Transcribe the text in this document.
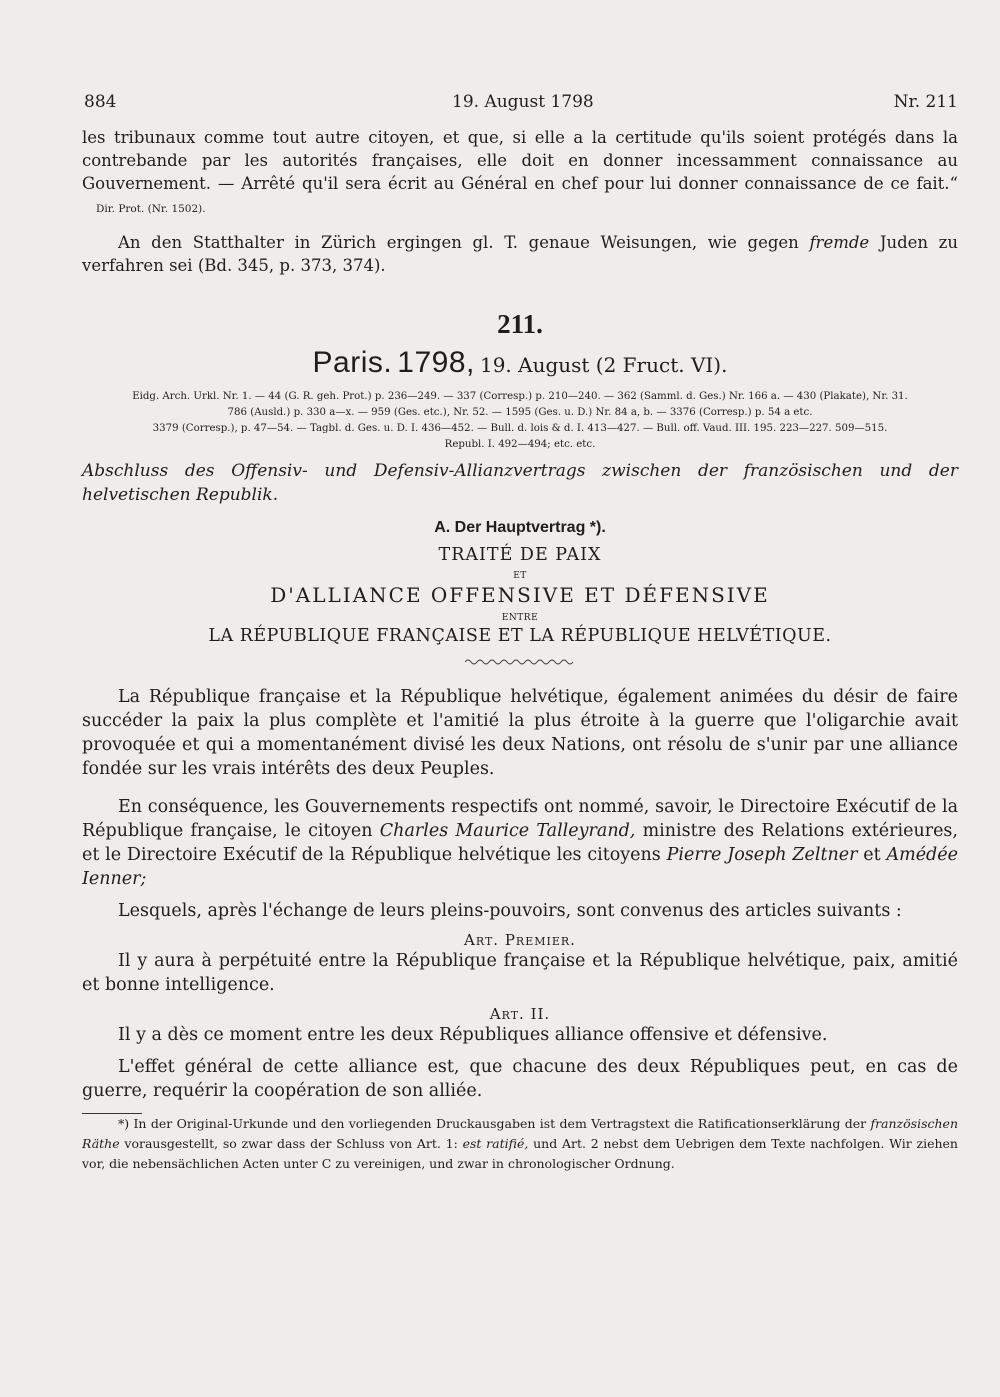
884	19. August 1798	Nr. 211

les tribunaux comme tout autre citoyen, et que, si elle a la certitude qu'ils soient protégés dans la contrebande par les autorités françaises, elle doit en donner incessamment connaissance au Gouvernement. — Arrêté qu'il sera écrit au Général en chef pour lui donner connaissance de ce fait.“ Dir. Prot. (Nr. 1502).

An den Statthalter in Zürich ergingen gl. T. genaue Weisungen, wie gegen fremde Juden zu verfahren sei (Bd. 345, p. 373, 374).

211.
Paris. 1798, 19. August (2 Fruct. VI).

Eidg. Arch. Urkl. Nr. 1. — 44 (G. R. geh. Prot.) p. 236—249. — 337 (Corresp.) p. 210—240. — 362 (Samml. d. Ges.) Nr. 166 a. — 430 (Plakate), Nr. 31.

786 (Ausld.) p. 330 a—x. — 959 (Ges. etc.), Nr. 52. — 1595 (Ges. u. D.) Nr. 84 a, b. — 3376 (Corresp.) p. 54 a etc.

3379 (Corresp.), p. 47—54. — Tagbl. d. Ges. u. D. I. 436—452. — Bull. d. lois & d. I. 413—427. — Bull. off. Vaud. III. 195. 223—227. 509—515.

Republ. I. 492—494; etc. etc.

Abschluss des Offensiv- und Defensiv-Allianzvertrags zwischen der französischen und der helvetischen Republik.
A. Der Hauptvertrag *).
TRAITÉ DE PAIX
ET
D'ALLIANCE OFFENSIVE ET DÉFENSIVE
ENTRE
LA RÉPUBLIQUE FRANÇAISE ET LA RÉPUBLIQUE HELVÉTIQUE.

La République française et la République helvétique, également animées du désir de faire succéder la paix la plus complète et l'amitié la plus étroite à la guerre que l'oligarchie avait provoquée et qui a momentanément divisé les deux Nations, ont résolu de s'unir par une alliance fondée sur les vrais intérêts des deux Peuples.

En conséquence, les Gouvernements respectifs ont nommé, savoir, le Directoire Exécutif de la République française, le citoyen Charles Maurice Talleyrand, ministre des Relations extérieures, et le Directoire Exécutif de la République helvétique les citoyens Pierre Joseph Zeltner et Amédée Ienner;

Lesquels, après l'échange de leurs pleins-pouvoirs, sont convenus des articles suivants :

Art. Premier.

Il y aura à perpétuité entre la République française et la République helvétique, paix, amitié et bonne intelligence.

Art. II.

Il y a dès ce moment entre les deux Républiques alliance offensive et défensive.

L'effet général de cette alliance est, que chacune des deux Républiques peut, en cas de guerre, requérir la coopération de son alliée.

*) In der Original-Urkunde und den vorliegenden Druckausgaben ist dem Vertragstext die Ratificationserklärung der französischen Räthe vorausgestellt, so zwar dass der Schluss von Art. 1: est ratifié, und Art. 2 nebst dem Uebrigen dem Texte nachfolgen. Wir ziehen vor, die nebensächlichen Acten unter C zu vereinigen, und zwar in chronologischer Ordnung.
